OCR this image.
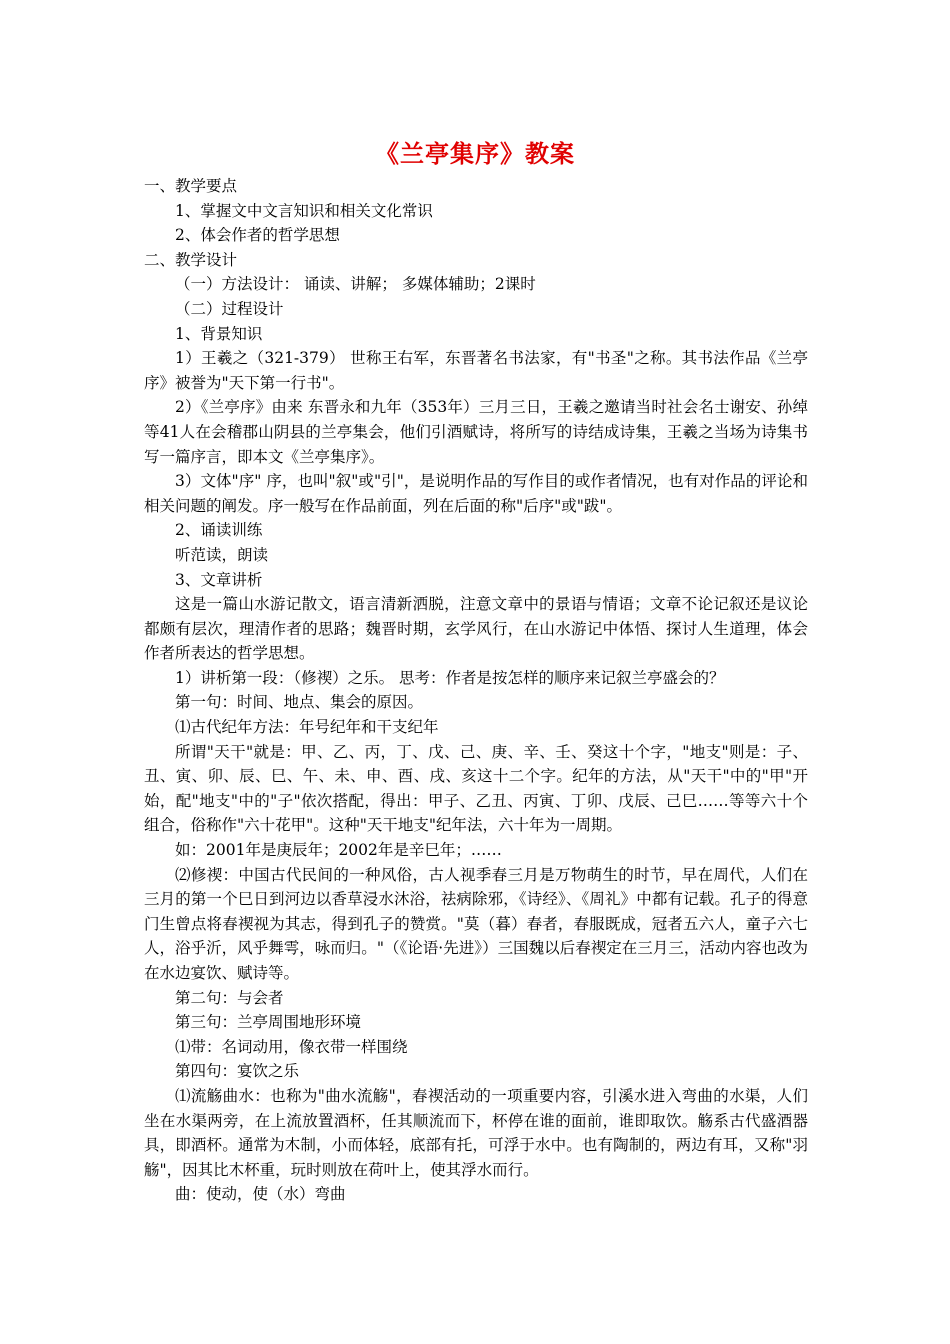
《兰亭集序》教案

一、教学要点

1、掌握文中文言知识和相关文化常识

2、体会作者的哲学思想

二、教学设计

（一）方法设计： 诵读、讲解； 多媒体辅助；2课时

（二）过程设计

1、背景知识

1）王羲之（321-379） 世称王右军，东晋著名书法家，有"书圣"之称。其书法作品《兰亭序》被誉为"天下第一行书"。

2）《兰亭序》由来 东晋永和九年（353年）三月三日，王羲之邀请当时社会名士谢安、孙绰等41人在会稽郡山阴县的兰亭集会，他们引酒赋诗，将所写的诗结成诗集，王羲之当场为诗集书写一篇序言，即本文《兰亭集序》。

3）文体"序" 序，也叫"叙"或"引"，是说明作品的写作目的或作者情况，也有对作品的评论和相关问题的阐发。序一般写在作品前面，列在后面的称"后序"或"跋"。

2、诵读训练

听范读，朗读

3、文章讲析

这是一篇山水游记散文，语言清新洒脱，注意文章中的景语与情语；文章不论记叙还是议论都颇有层次，理清作者的思路；魏晋时期，玄学风行，在山水游记中体悟、探讨人生道理，体会作者所表达的哲学思想。

1）讲析第一段：（修禊）之乐。 思考：作者是按怎样的顺序来记叙兰亭盛会的？

第一句：时间、地点、集会的原因。

⑴古代纪年方法：年号纪年和干支纪年

所谓"天干"就是：甲、乙、丙，丁、戊、己、庚、辛、壬、癸这十个字，"地支"则是：子、丑、寅、卯、辰、巳、午、未、申、酉、戌、亥这十二个字。纪年的方法，从"天干"中的"甲"开始，配"地支"中的"子"依次搭配，得出：甲子、乙丑、丙寅、丁卯、戊辰、己巳……等等六十个组合，俗称作"六十花甲"。这种"天干地支"纪年法，六十年为一周期。

如：2001年是庚辰年；2002年是辛巳年；……

⑵修禊：中国古代民间的一种风俗，古人视季春三月是万物萌生的时节，早在周代，人们在三月的第一个巳日到河边以香草浸水沐浴，祛病除邪，《诗经》、《周礼》中都有记载。孔子的得意门生曾点将春禊视为其志，得到孔子的赞赏。"莫（暮）春者，春服既成，冠者五六人，童子六七人，浴乎沂，风乎舞雩，咏而归。"（《论语·先进》）三国魏以后春禊定在三月三，活动内容也改为在水边宴饮、赋诗等。

第二句：与会者

第三句：兰亭周围地形环境

⑴带：名词动用，像衣带一样围绕

第四句：宴饮之乐

⑴流觞曲水：也称为"曲水流觞"，春禊活动的一项重要内容，引溪水进入弯曲的水渠，人们坐在水渠两旁，在上流放置酒杯，任其顺流而下，杯停在谁的面前，谁即取饮。觞系古代盛酒器具，即酒杯。通常为木制，小而体轻，底部有托，可浮于水中。也有陶制的，两边有耳，又称"羽觞"，因其比木杯重，玩时则放在荷叶上，使其浮水而行。

曲：使动，使（水）弯曲
